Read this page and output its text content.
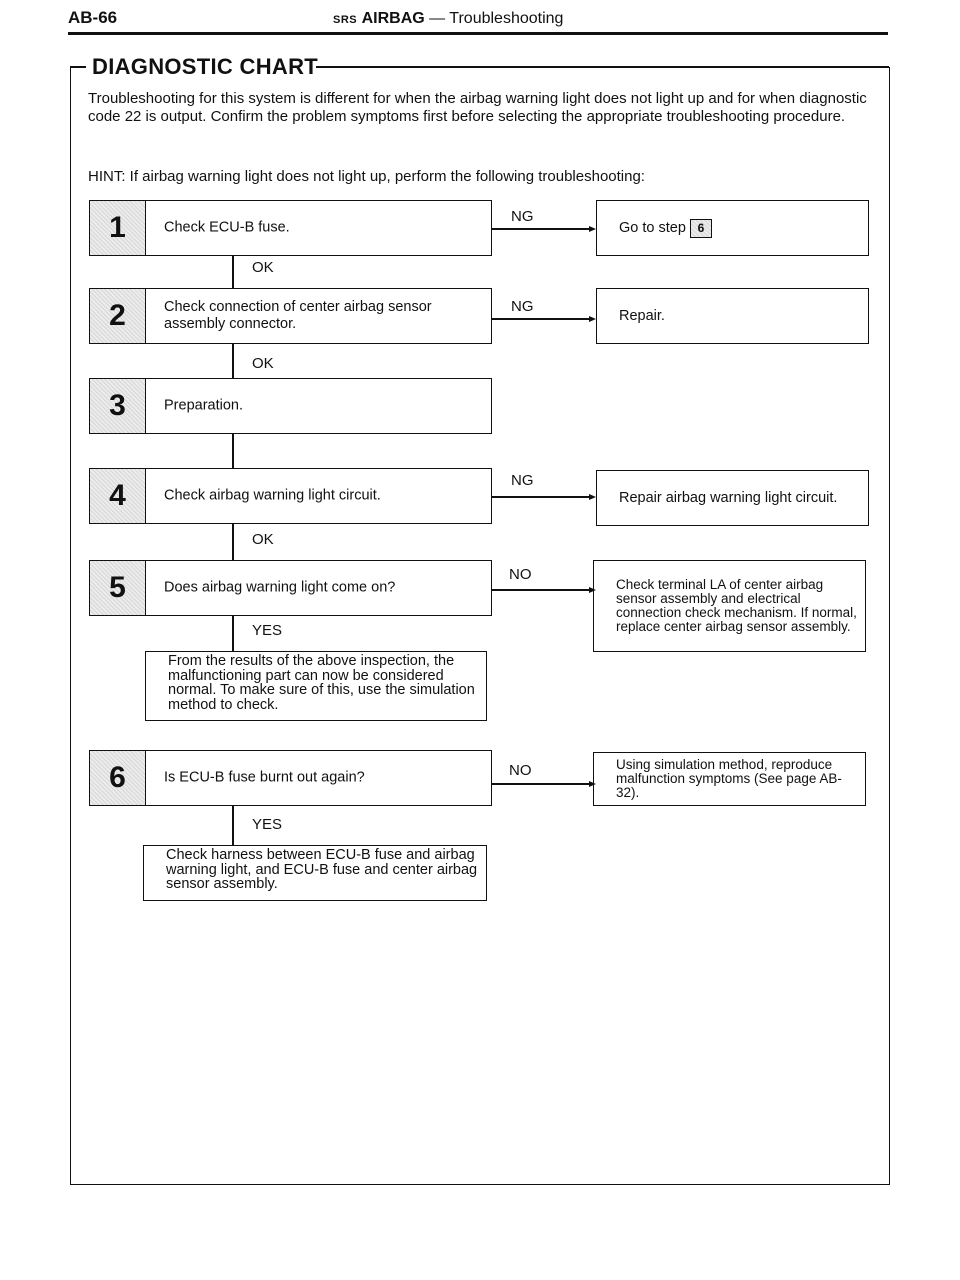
AB-66	SRS AIRBAG — Troubleshooting
DIAGNOSTIC CHART
Troubleshooting for this system is different for when the airbag warning light does not light up and for when diagnostic code 22 is output. Confirm the problem symptoms first before selecting the appropriate troubleshooting procedure.
HINT: If airbag warning light does not light up, perform the following troubleshooting:
1	Check ECU-B fuse.
NG
Go to step
6
OK
2	Check connection of center airbag sensor assembly connector.
NG
Repair.
OK
3	Preparation.
4	Check airbag warning light circuit.
NG
Repair airbag warning light circuit.
OK
5	Does airbag warning light come on?
NO
Check terminal LA of center airbag sensor assembly and electrical connection check mechanism. If normal, replace center airbag sensor assembly.
YES
From the results of the above inspection, the malfunctioning part can now be considered normal. To make sure of this, use the simulation method to check.
6	Is ECU-B fuse burnt out again?	NO	Using simulation method, reproduce malfunction symptoms (See page AB-32).
YES
Check harness between ECU-B fuse and airbag warning light, and ECU-B fuse and center airbag sensor assembly.
